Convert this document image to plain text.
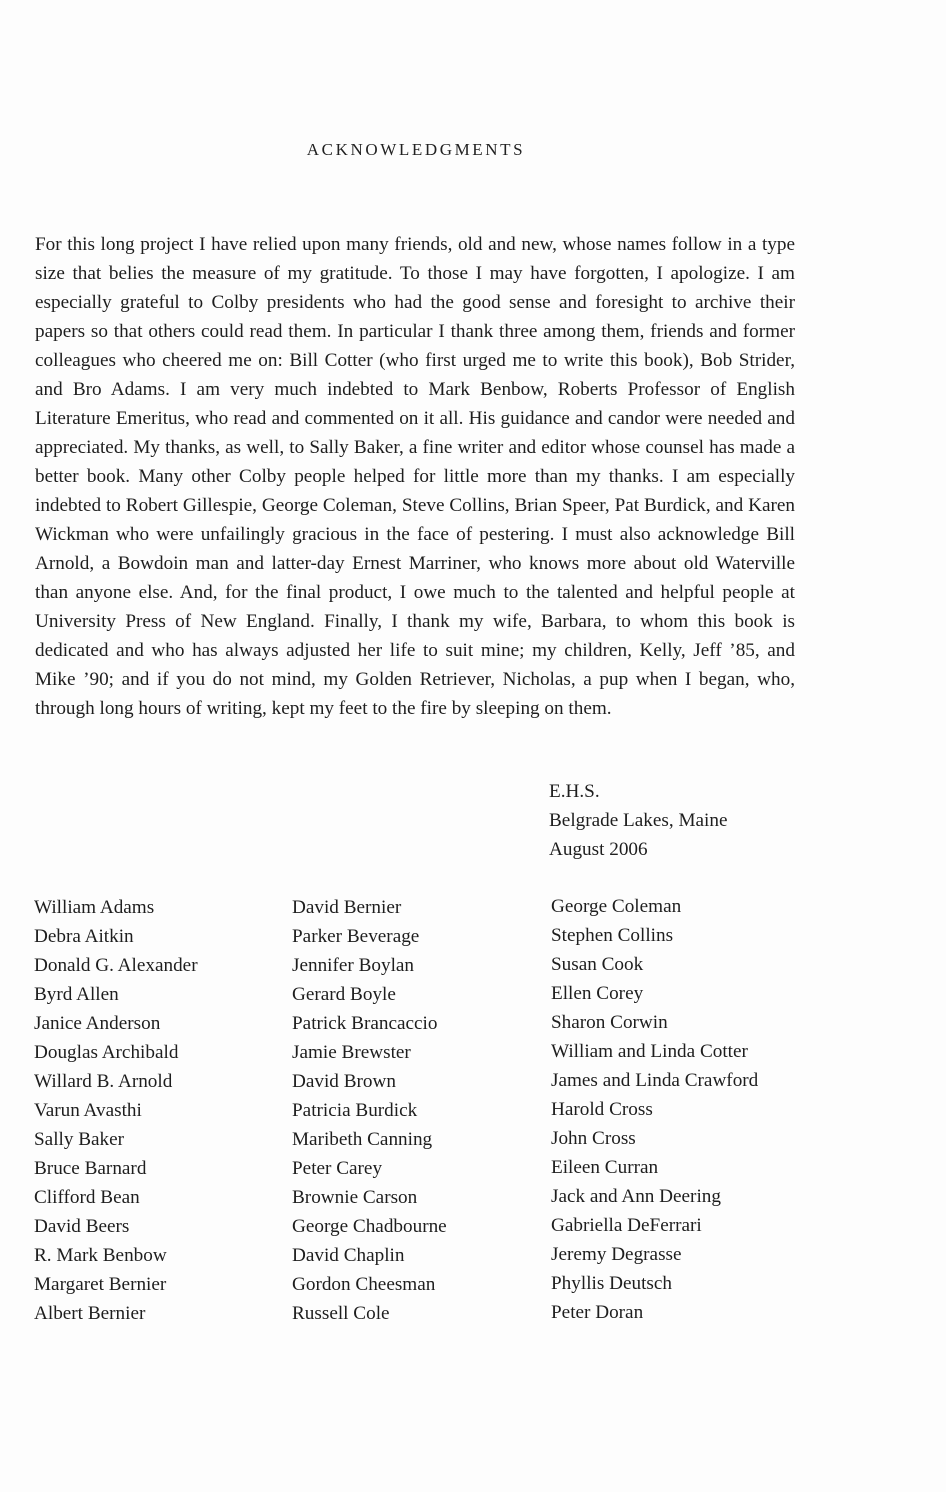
ACKNOWLEDGMENTS
For this long project I have relied upon many friends, old and new, whose names follow in a type size that belies the measure of my gratitude. To those I may have forgotten, I apologize. I am especially grateful to Colby presidents who had the good sense and foresight to archive their papers so that others could read them. In particular I thank three among them, friends and former colleagues who cheered me on: Bill Cotter (who first urged me to write this book), Bob Strider, and Bro Adams. I am very much indebted to Mark Benbow, Roberts Professor of English Literature Emeritus, who read and commented on it all. His guidance and candor were needed and appreciated. My thanks, as well, to Sally Baker, a fine writer and editor whose counsel has made a better book. Many other Colby people helped for little more than my thanks. I am especially indebted to Robert Gillespie, George Coleman, Steve Collins, Brian Speer, Pat Burdick, and Karen Wickman who were unfailingly gracious in the face of pestering. I must also acknowledge Bill Arnold, a Bowdoin man and latter-day Ernest Marriner, who knows more about old Waterville than anyone else. And, for the final product, I owe much to the talented and helpful people at University Press of New England. Finally, I thank my wife, Barbara, to whom this book is dedicated and who has always adjusted her life to suit mine; my children, Kelly, Jeff ’85, and Mike ’90; and if you do not mind, my Golden Retriever, Nicholas, a pup when I began, who, through long hours of writing, kept my feet to the fire by sleeping on them.
E.H.S.
Belgrade Lakes, Maine
August 2006
William Adams
Debra Aitkin
Donald G. Alexander
Byrd Allen
Janice Anderson
Douglas Archibald
Willard B. Arnold
Varun Avasthi
Sally Baker
Bruce Barnard
Clifford Bean
David Beers
R. Mark Benbow
Margaret Bernier
Albert Bernier
David Bernier
Parker Beverage
Jennifer Boylan
Gerard Boyle
Patrick Brancaccio
Jamie Brewster
David Brown
Patricia Burdick
Maribeth Canning
Peter Carey
Brownie Carson
George Chadbourne
David Chaplin
Gordon Cheesman
Russell Cole
George Coleman
Stephen Collins
Susan Cook
Ellen Corey
Sharon Corwin
William and Linda Cotter
James and Linda Crawford
Harold Cross
John Cross
Eileen Curran
Jack and Ann Deering
Gabriella DeFerrari
Jeremy Degrasse
Phyllis Deutsch
Peter Doran
